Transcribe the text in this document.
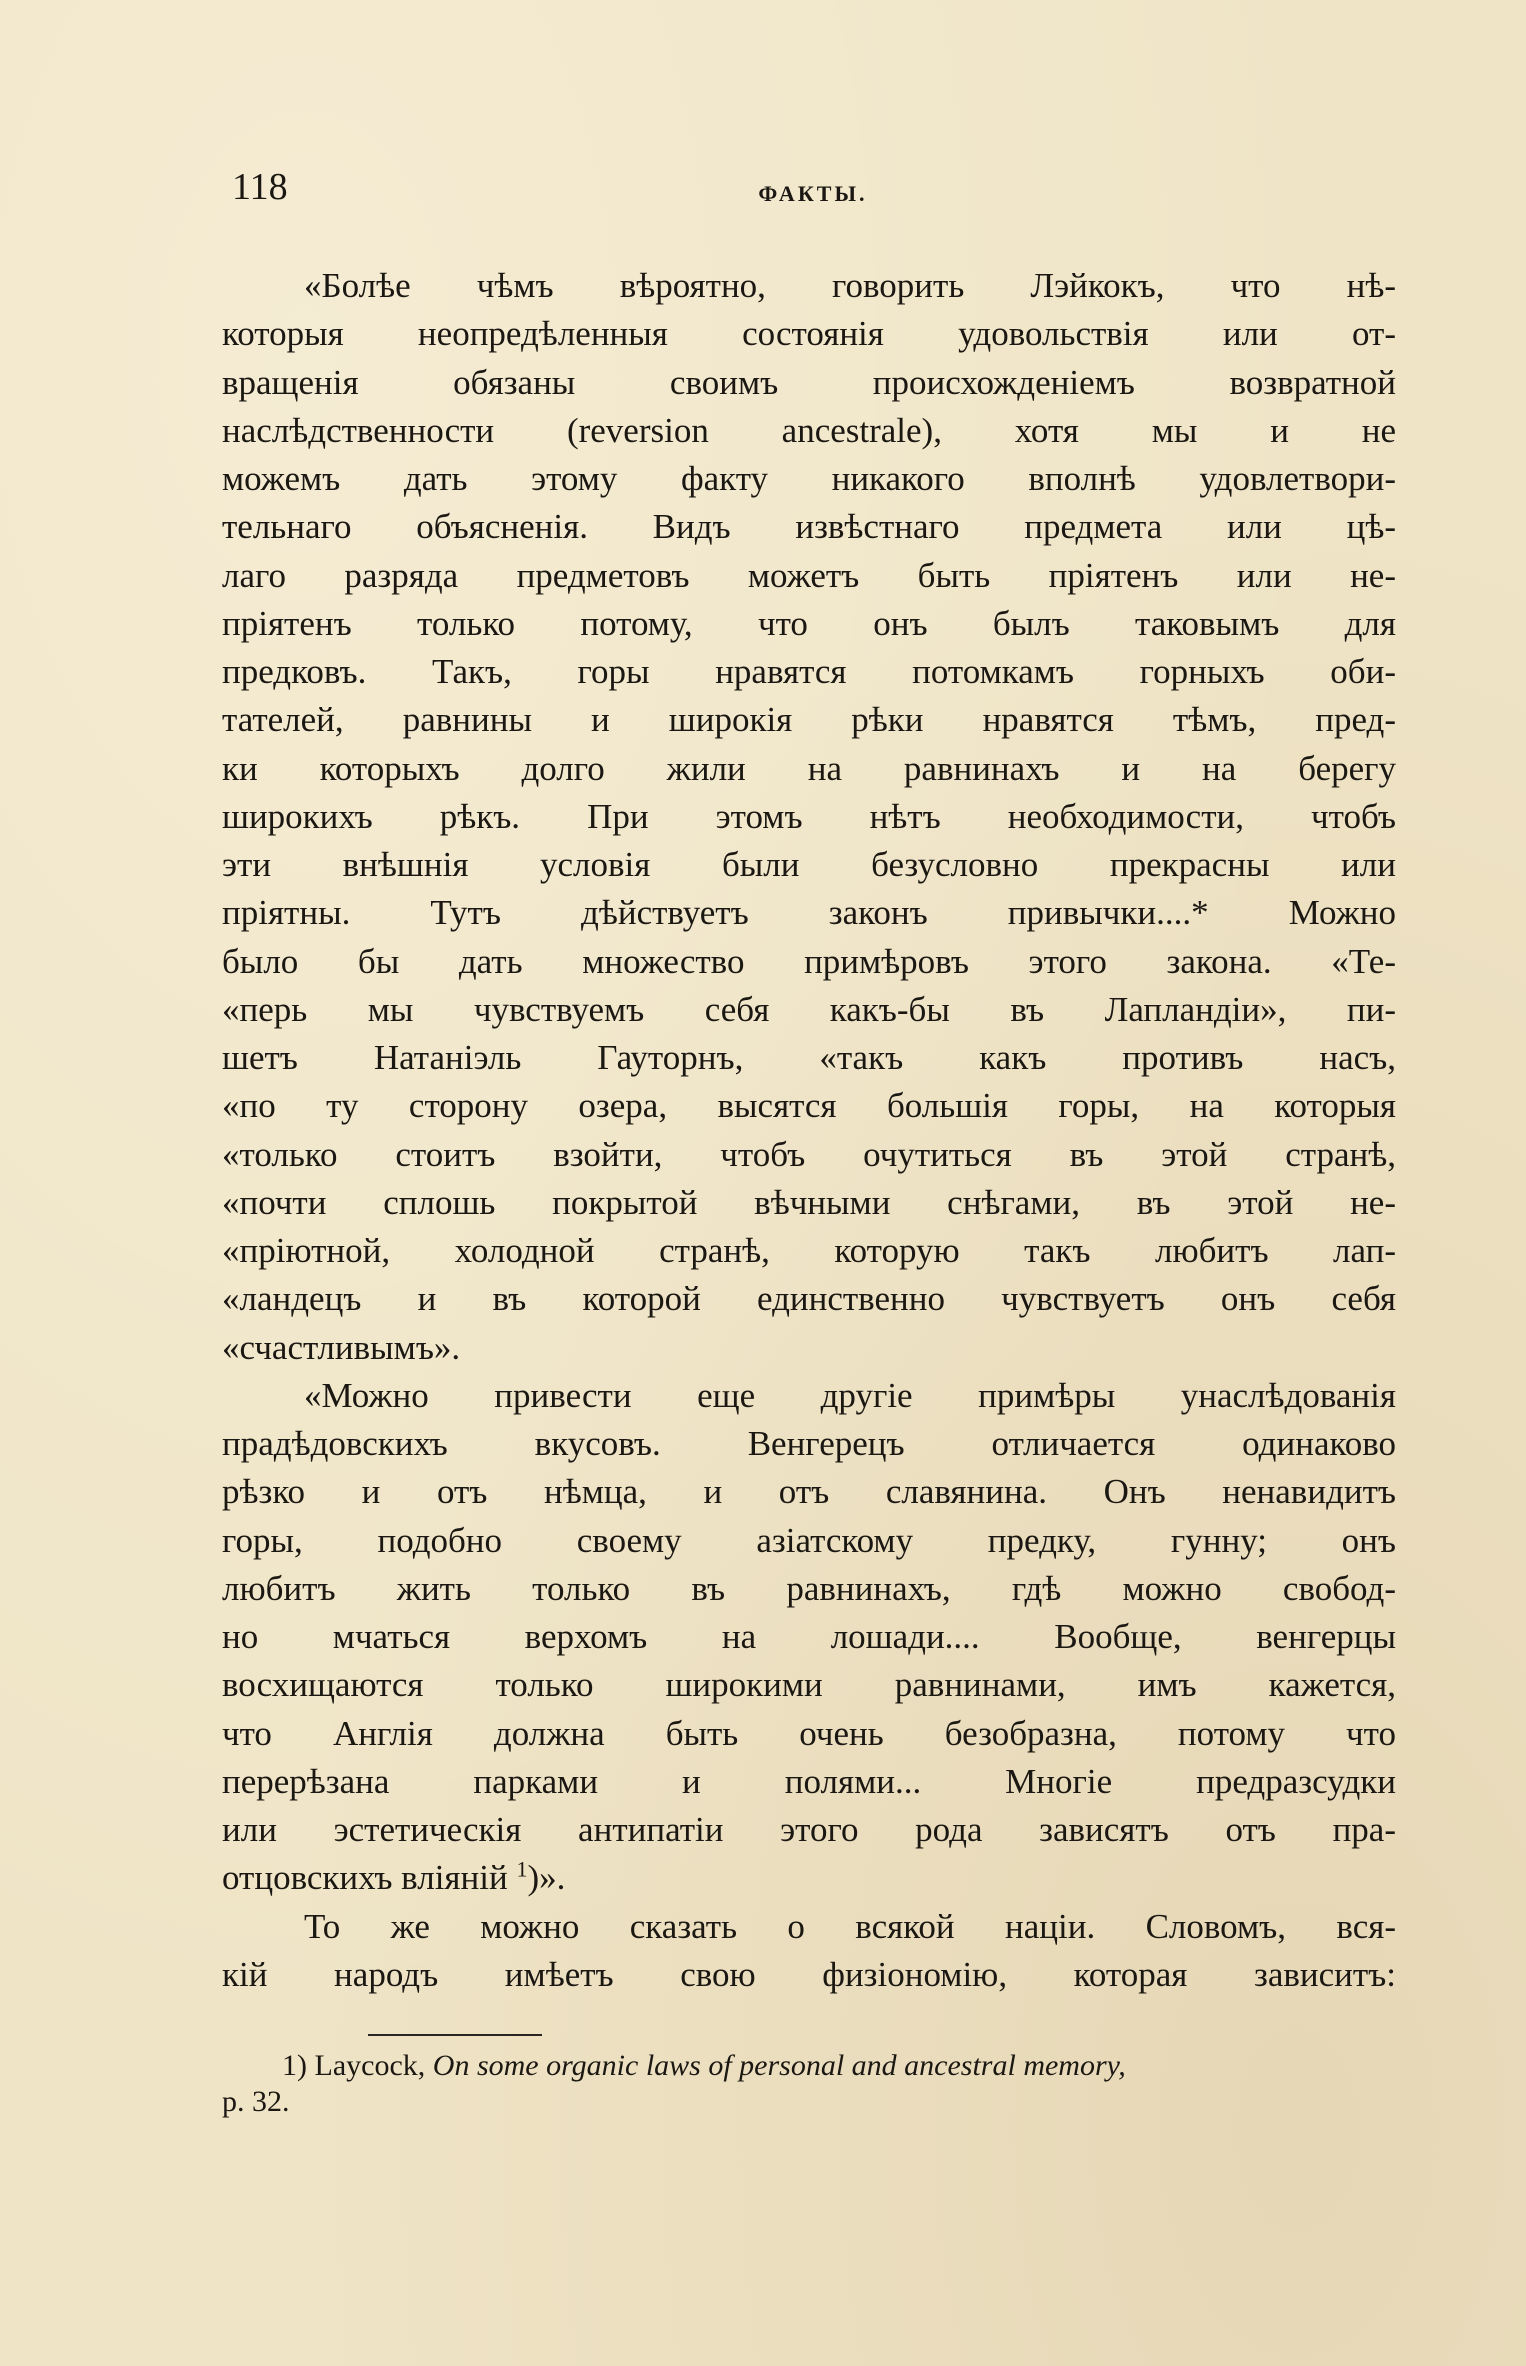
118	ФАКТЫ.
«Болѣе чѣмъ вѣроятно, говорить Лэйкокъ, что нѣ-
которыя неопредѣленныя состоянія удовольствія или от-
вращенія обязаны своимъ происхожденіемъ возвратной
наслѣдственности (reversion ancestrale), хотя мы и не
можемъ дать этому факту никакого вполнѣ удовлетвори-
тельнаго объясненія. Видъ извѣстнаго предмета или цѣ-
лаго разряда предметовъ можетъ быть пріятенъ или не-
пріятенъ только потому, что онъ былъ таковымъ для
предковъ. Такъ, горы нравятся потомкамъ горныхъ оби-
тателей, равнины и широкія рѣки нравятся тѣмъ, пред-
ки которыхъ долго жили на равнинахъ и на берегу
широкихъ рѣкъ. При этомъ нѣтъ необходимости, чтобъ
эти внѣшнія условія были безусловно прекрасны или
пріятны. Тутъ дѣйствуетъ законъ привычки....* Можно
было бы дать множество примѣровъ этого закона. «Те-
«перь мы чувствуемъ себя какъ-бы въ Лапландіи», пи-
шетъ Натаніэль Гауторнъ, «такъ какъ противъ насъ,
«по ту сторону озера, высятся большія горы, на которыя
«только стоитъ взойти, чтобъ очутиться въ этой странѣ,
«почти сплошь покрытой вѣчными снѣгами, въ этой не-
«пріютной, холодной странѣ, которую такъ любитъ лап-
«ландецъ и въ которой единственно чувствуетъ онъ себя
«счастливымъ».
«Можно привести еще другіе примѣры унаслѣдованія
прадѣдовскихъ вкусовъ. Венгерецъ отличается одинаково
рѣзко и отъ нѣмца, и отъ славянина. Онъ ненавидитъ
горы, подобно своему азіатскому предку, гунну; онъ
любитъ жить только въ равнинахъ, гдѣ можно свобод-
но мчаться верхомъ на лошади.... Вообще, венгерцы
восхищаются только широкими равнинами, имъ кажется,
что Англія должна быть очень безобразна, потому что
перерѣзана парками и полями... Многіе предразсудки
или эстетическія антипатіи этого рода зависятъ отъ пра-
отцовскихъ вліяній $^1$)».
То же можно сказать о всякой націи. Словомъ, вся-
кій народъ имѣетъ свою физіономію, которая зависитъ:
1) Laycock, On some organic laws of personal and ancestral memory,
p. 32.
